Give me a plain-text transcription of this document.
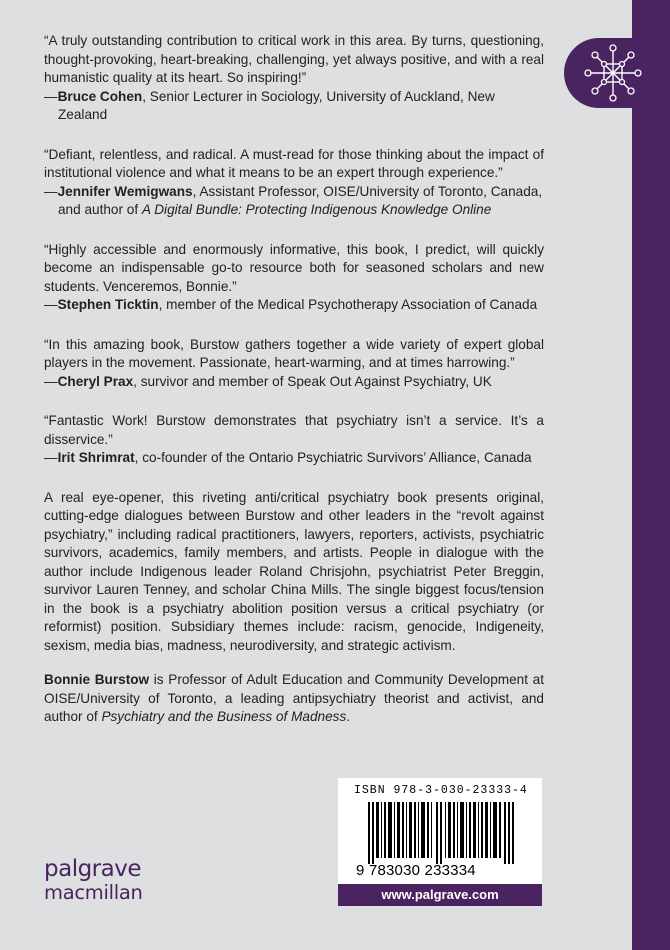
“A truly outstanding contribution to critical work in this area. By turns, questioning, thought-provoking, heart-breaking, challenging, yet always positive, and with a real humanistic quality at its heart. So inspiring!”

—Bruce Cohen, Senior Lecturer in Sociology, University of Auckland, New Zealand

“Defiant, relentless, and radical. A must-read for those thinking about the impact of institutional violence and what it means to be an expert through experience.”

—Jennifer Wemigwans, Assistant Professor, OISE/University of Toronto, Canada, and author of A Digital Bundle: Protecting Indigenous Knowledge Online

“Highly accessible and enormously informative, this book, I predict, will quickly become an indispensable go-to resource both for seasoned scholars and new students. Venceremos, Bonnie.”

—Stephen Ticktin, member of the Medical Psychotherapy Association of Canada

“In this amazing book, Burstow gathers together a wide variety of expert global players in the movement. Passionate, heart-warming, and at times harrowing.”

—Cheryl Prax, survivor and member of Speak Out Against Psychiatry, UK

“Fantastic Work! Burstow demonstrates that psychiatry isn’t a service. It’s a disservice.”

—Irit Shrimrat, co-founder of the Ontario Psychiatric Survivors’ Alliance, Canada

A real eye-opener, this riveting anti/critical psychiatry book presents original, cutting-edge dialogues between Burstow and other leaders in the “revolt against psychiatry,” including radical practitioners, lawyers, reporters, activists, psychiatric survivors, academics, family members, and artists. People in dialogue with the author include Indigenous leader Roland Chrisjohn, psychiatrist Peter Breggin, survivor Lauren Tenney, and scholar China Mills. The single biggest focus/tension in the book is a psychiatry abolition position versus a critical psychiatry (or reformist) position. Subsidiary themes include: racism, genocide, Indigeneity, sexism, media bias, madness, neurodiversity, and strategic activism.

Bonnie Burstow is Professor of Adult Education and Community Development at OISE/University of Toronto, a leading antipsychiatry theorist and activist, and author of Psychiatry and the Business of Madness.

ISBN 978-3-030-23333-4
9 783030 233334
www.palgrave.com
palgrave
macmillan
